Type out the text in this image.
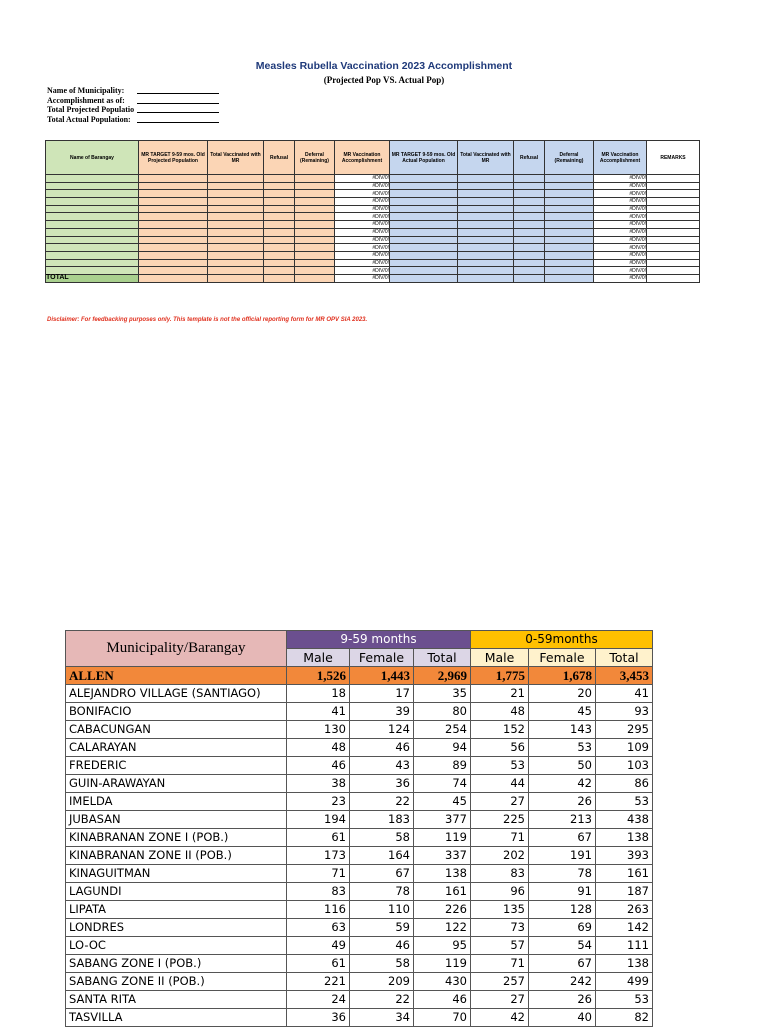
Measles Rubella Vaccination 2023 Accomplishment
(Projected Pop VS. Actual Pop)
Name of Municipality:
Accomplishment as of:
Total Projected Populatio
Total Actual Population:
Name of Barangay	MR TARGET 9-59 mos. Old Projected Population	Total Vaccinated with MR	Refusal	Deferral (Remaining)	MR Vaccination Accomplishment	MR TARGET 9-59 mos. Old Actual Population	Total Vaccinated with MR	Refusal	Deferral (Remaining)	MR Vaccination Accomplishment	REMARKS
					#DIV/0!					#DIV/0!	
					#DIV/0!					#DIV/0!	
					#DIV/0!					#DIV/0!	
					#DIV/0!					#DIV/0!	
					#DIV/0!					#DIV/0!	
					#DIV/0!					#DIV/0!	
					#DIV/0!					#DIV/0!	
					#DIV/0!					#DIV/0!	
					#DIV/0!					#DIV/0!	
					#DIV/0!					#DIV/0!	
					#DIV/0!					#DIV/0!	
					#DIV/0!					#DIV/0!	
					#DIV/0!					#DIV/0!	
TOTAL					#DIV/0!					#DIV/0!	
Disclaimer: For feedbacking purposes only. This template is not the official reporting form for MR OPV SIA 2023.
Municipality/Barangay	9-59 months			0-59months		
	Male	Female	Total	Male	Female	Total
ALLEN	1,526	1,443	2,969	1,775	1,678	3,453
ALEJANDRO VILLAGE (SANTIAGO)	18	17	35	21	20	41
BONIFACIO	41	39	80	48	45	93
CABACUNGAN	130	124	254	152	143	295
CALARAYAN	48	46	94	56	53	109
FREDERIC	46	43	89	53	50	103
GUIN-ARAWAYAN	38	36	74	44	42	86
IMELDA	23	22	45	27	26	53
JUBASAN	194	183	377	225	213	438
KINABRANAN ZONE I (POB.)	61	58	119	71	67	138
KINABRANAN ZONE II (POB.)	173	164	337	202	191	393
KINAGUITMAN	71	67	138	83	78	161
LAGUNDI	83	78	161	96	91	187
LIPATA	116	110	226	135	128	263
LONDRES	63	59	122	73	69	142
LO-OC	49	46	95	57	54	111
SABANG ZONE I (POB.)	61	58	119	71	67	138
SABANG ZONE II (POB.)	221	209	430	257	242	499
SANTA RITA	24	22	46	27	26	53
TASVILLA	36	34	70	42	40	82
